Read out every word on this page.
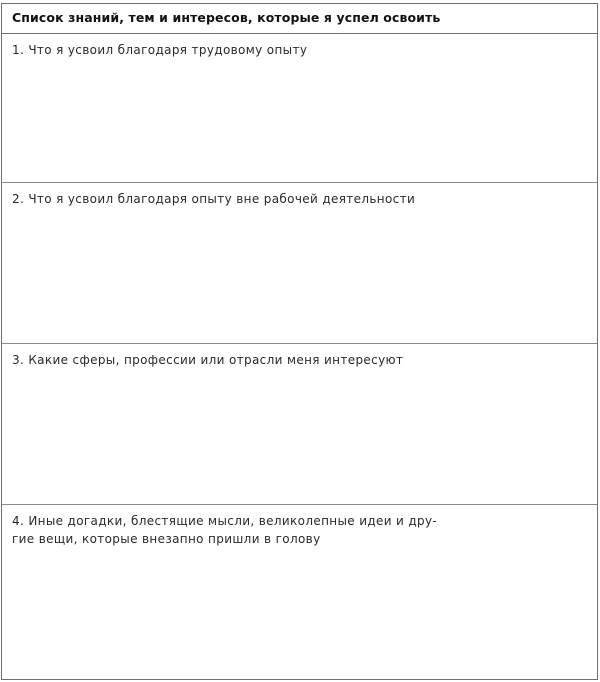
Список знаний, тем и интересов, которые я успел освоить
1. Что я усвоил благодаря трудовому опыту
2. Что я усвоил благодаря опыту вне рабочей деятельности
3. Какие сферы, профессии или отрасли меня интересуют
4. Иные догадки, блестящие мысли, великолепные идеи и дру-
гие вещи, которые внезапно пришли в голову
